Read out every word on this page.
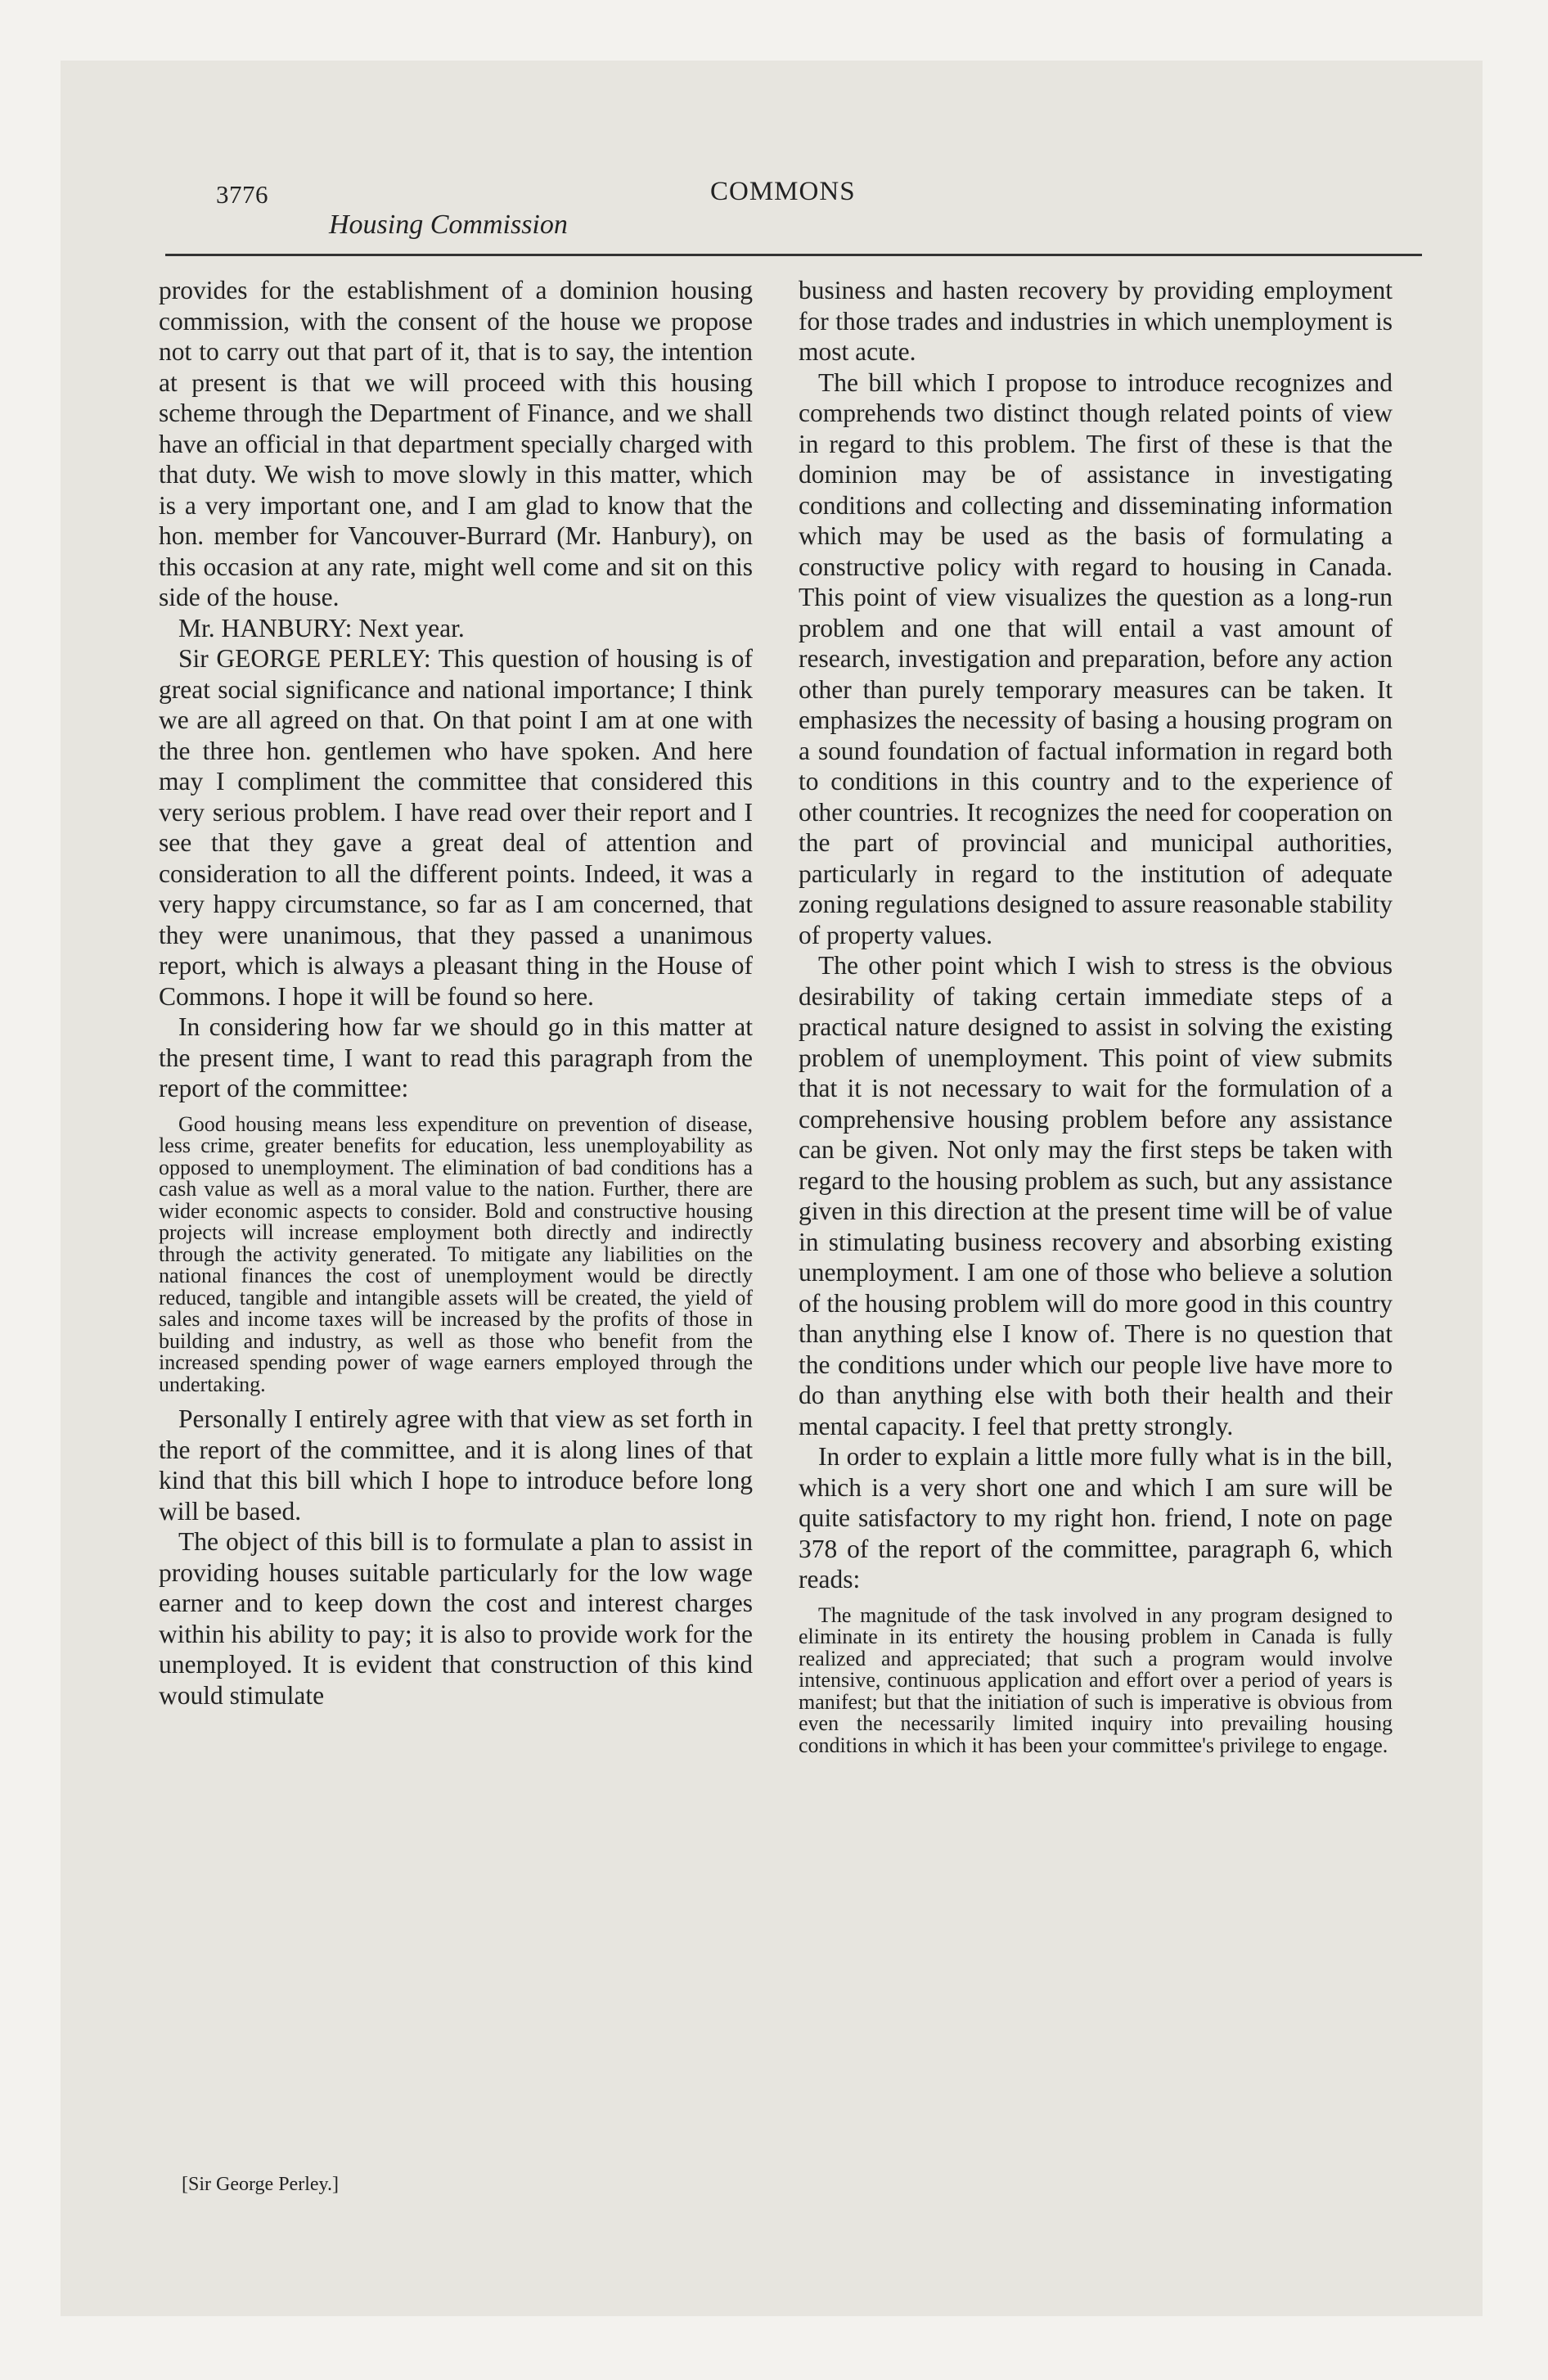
3776
Housing Commission
COMMONS

provides for the establishment of a dominion housing commission, with the consent of the house we propose not to carry out that part of it, that is to say, the intention at present is that we will proceed with this housing scheme through the Department of Finance, and we shall have an official in that department specially charged with that duty. We wish to move slowly in this matter, which is a very important one, and I am glad to know that the hon. member for Vancouver-Burrard (Mr. Hanbury), on this occasion at any rate, might well come and sit on this side of the house.

Mr. HANBURY: Next year.

Sir GEORGE PERLEY: This question of housing is of great social significance and national importance; I think we are all agreed on that. On that point I am at one with the three hon. gentlemen who have spoken. And here may I compliment the committee that considered this very serious problem. I have read over their report and I see that they gave a great deal of attention and consideration to all the different points. Indeed, it was a very happy circumstance, so far as I am concerned, that they were unanimous, that they passed a unanimous report, which is always a pleasant thing in the House of Commons. I hope it will be found so here.

In considering how far we should go in this matter at the present time, I want to read this paragraph from the report of the committee:

Good housing means less expenditure on prevention of disease, less crime, greater benefits for education, less unemployability as opposed to unemployment. The elimination of bad conditions has a cash value as well as a moral value to the nation. Further, there are wider economic aspects to consider. Bold and constructive housing projects will increase employment both directly and indirectly through the activity generated. To mitigate any liabilities on the national finances the cost of unemployment would be directly reduced, tangible and intangible assets will be created, the yield of sales and income taxes will be increased by the profits of those in building and industry, as well as those who benefit from the increased spending power of wage earners employed through the undertaking.

Personally I entirely agree with that view as set forth in the report of the committee, and it is along lines of that kind that this bill which I hope to introduce before long will be based.

The object of this bill is to formulate a plan to assist in providing houses suitable particularly for the low wage earner and to keep down the cost and interest charges within his ability to pay; it is also to provide work for the unemployed. It is evident that construction of this kind would stimulate

[Sir George Perley.]

business and hasten recovery by providing employment for those trades and industries in which unemployment is most acute.

The bill which I propose to introduce recognizes and comprehends two distinct though related points of view in regard to this problem. The first of these is that the dominion may be of assistance in investigating conditions and collecting and disseminating information which may be used as the basis of formulating a constructive policy with regard to housing in Canada. This point of view visualizes the question as a long-run problem and one that will entail a vast amount of research, investigation and preparation, before any action other than purely temporary measures can be taken. It emphasizes the necessity of basing a housing program on a sound foundation of factual information in regard both to conditions in this country and to the experience of other countries. It recognizes the need for cooperation on the part of provincial and municipal authorities, particularly in regard to the institution of adequate zoning regulations designed to assure reasonable stability of property values.

The other point which I wish to stress is the obvious desirability of taking certain immediate steps of a practical nature designed to assist in solving the existing problem of unemployment. This point of view submits that it is not necessary to wait for the formulation of a comprehensive housing problem before any assistance can be given. Not only may the first steps be taken with regard to the housing problem as such, but any assistance given in this direction at the present time will be of value in stimulating business recovery and absorbing existing unemployment. I am one of those who believe a solution of the housing problem will do more good in this country than anything else I know of. There is no question that the conditions under which our people live have more to do than anything else with both their health and their mental capacity. I feel that pretty strongly.

In order to explain a little more fully what is in the bill, which is a very short one and which I am sure will be quite satisfactory to my right hon. friend, I note on page 378 of the report of the committee, paragraph 6, which reads:

The magnitude of the task involved in any program designed to eliminate in its entirety the housing problem in Canada is fully realized and appreciated; that such a program would involve intensive, continuous application and effort over a period of years is manifest; but that the initiation of such is imperative is obvious from even the necessarily limited inquiry into prevailing housing conditions in which it has been your committee's privilege to engage.
